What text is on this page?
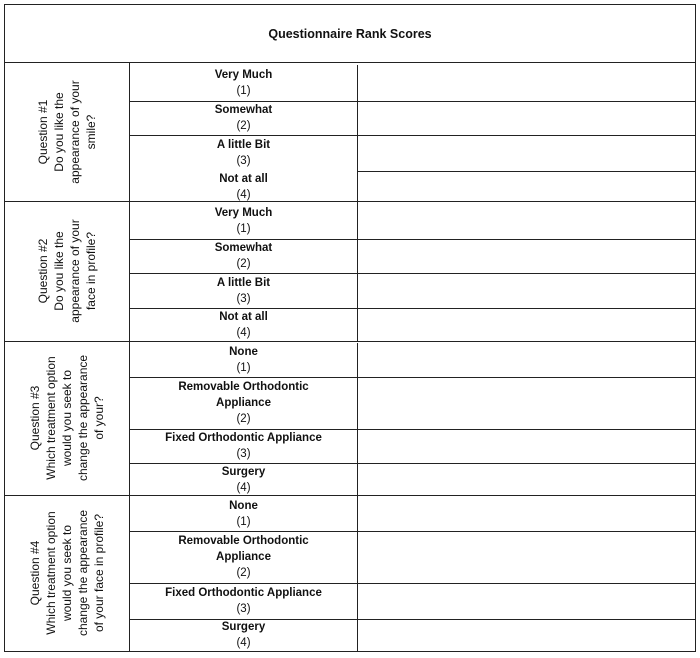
Questionnaire Rank Scores
Question #1 Do you like the appearance of your smile?
Very Much
(1)
Somewhat
(2)
A little Bit
(3)
Not at all
(4)
Question #2 Do you like the appearance of your face in profile?
Very Much
(1)
Somewhat
(2)
A little Bit
(3)
Not at all
(4)
Question #3 Which treatment option would you seek to change the appearance of your?
None
(1)
Removable Orthodontic Appliance
(2)
Fixed Orthodontic Appliance
(3)
Surgery
(4)
Question #4 Which treatment option would you seek to change the appearance of your face in profile?
None
(1)
Removable Orthodontic Appliance
(2)
Fixed Orthodontic Appliance
(3)
Surgery
(4)
